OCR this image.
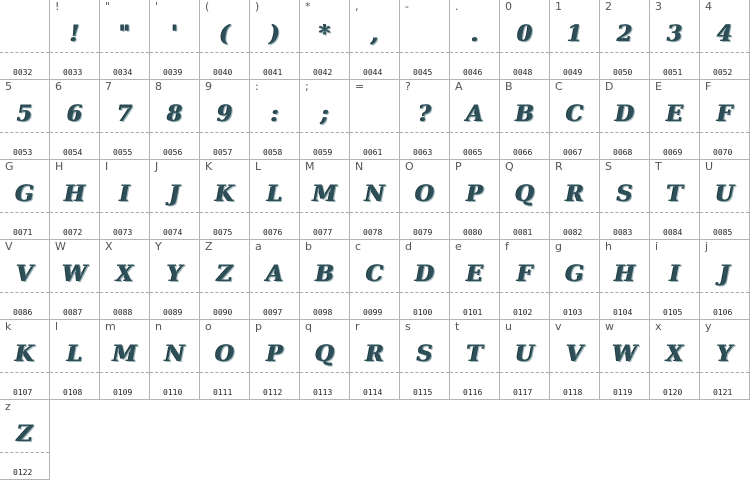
0032
!
!
0033
"
"
0034
'
'
0039
(
(
0040
)
)
0041
*
*
0042
,
,
0044
-
0045
.
.
0046
0
0
0048
1
1
0049
2
2
0050
3
3
0051
4
4
0052
5
5
0053
6
6
0054
7
7
0055
8
8
0056
9
9
0057
:
:
0058
;
;
0059
=
0061
?
?
0063
A
A
0065
B
B
0066
C
C
0067
D
D
0068
E
E
0069
F
F
0070
G
G
0071
H
H
0072
I
I
0073
J
J
0074
K
K
0075
L
L
0076
M
M
0077
N
N
0078
O
O
0079
P
P
0080
Q
Q
0081
R
R
0082
S
S
0083
T
T
0084
U
U
0085
V
V
0086
W
W
0087
X
X
0088
Y
Y
0089
Z
Z
0090
a
A
0097
b
B
0098
c
C
0099
d
D
0100
e
E
0101
f
F
0102
g
G
0103
h
H
0104
i
I
0105
j
J
0106
k
K
0107
l
L
0108
m
M
0109
n
N
0110
o
O
0111
p
P
0112
q
Q
0113
r
R
0114
s
S
0115
t
T
0116
u
U
0117
v
V
0118
w
W
0119
x
X
0120
y
Y
0121
z
Z
0122
